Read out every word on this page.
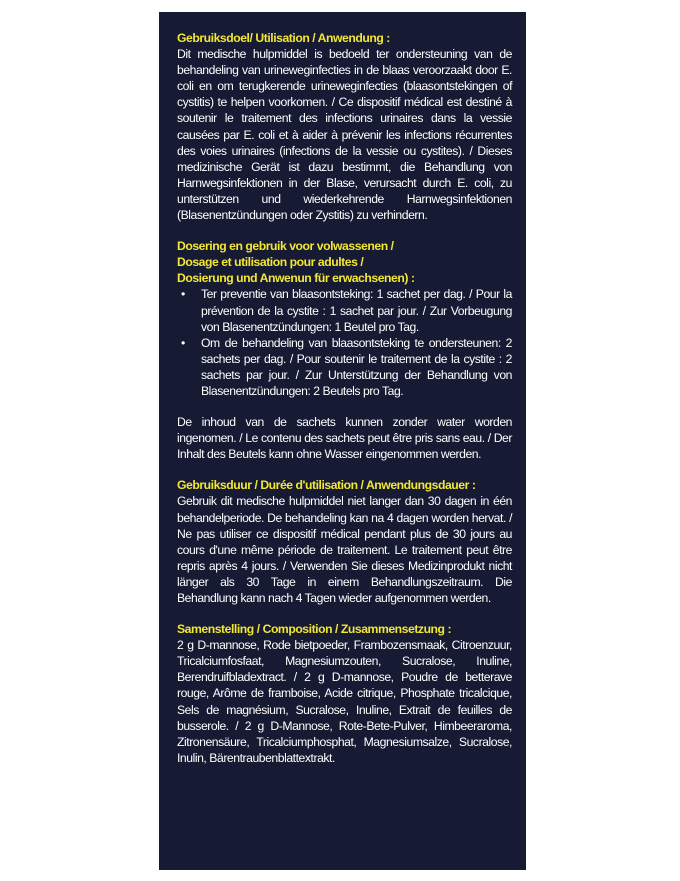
Gebruiksdoel/ Utilisation / Anwendung :

Dit medische hulpmiddel is bedoeld ter ondersteuning van de behandeling van urineweginfecties in de blaas veroorzaakt door E. coli en om terugkerende urineweginfecties (blaasontstekingen of cystitis) te helpen voorkomen. / Ce dispositif médical est destiné à soutenir le traitement des infections urinaires dans la vessie causées par E. coli et à aider à prévenir les infections récurrentes des voies urinaires (infections de la vessie ou cystites). / Dieses medizinische Gerät ist dazu bestimmt, die Behandlung von Harnwegsinfektionen in der Blase, verursacht durch E. coli, zu unterstützen und wiederkehrende Harnwegsinfektionen (Blasenentzündungen oder Zystitis) zu verhindern.

Dosering en gebruik voor volwassenen /

Dosage et utilisation pour adultes /

Dosierung und Anwenun für erwachsenen) :

• Ter preventie van blaasontsteking: 1 sachet per dag. / Pour la prévention de la cystite : 1 sachet par jour. / Zur Vorbeugung von Blasenentzündungen: 1 Beutel pro Tag.
• Om de behandeling van blaasontsteking te ondersteunen: 2 sachets per dag. / Pour soutenir le traitement de la cystite : 2 sachets par jour. / Zur Unterstützung der Behandlung von Blasenentzündungen: 2 Beutels pro Tag.

De inhoud van de sachets kunnen zonder water worden ingenomen. / Le contenu des sachets peut être pris sans eau. / Der Inhalt des Beutels kann ohne Wasser eingenommen werden.

Gebruiksduur / Durée d'utilisation / Anwendungsdauer :

Gebruik dit medische hulpmiddel niet langer dan 30 dagen in één behandelperiode. De behandeling kan na 4 dagen worden hervat. / Ne pas utiliser ce dispositif médical pendant plus de 30 jours au cours d'une même période de traitement. Le traitement peut être repris après 4 jours. / Verwenden Sie dieses Medizinprodukt nicht länger als 30 Tage in einem Behandlungszeitraum. Die Behandlung kann nach 4 Tagen wieder aufgenommen werden.

Samenstelling / Composition / Zusammensetzung :

2 g D-mannose, Rode bietpoeder, Frambozensmaak, Citroenzuur, Tricalciumfosfaat, Magnesiumzouten, Sucralose, Inuline, Berendruifbladextract. / 2 g D-mannose, Poudre de betterave rouge, Arôme de framboise, Acide citrique, Phosphate tricalcique, Sels de magnésium, Sucralose, Inuline, Extrait de feuilles de busserole. / 2 g D-Mannose, Rote-Bete-Pulver, Himbeeraroma, Zitronensäure, Tricalciumphosphat, Magnesiumsalze, Sucralose, Inulin, Bärentraubenblattextrakt.
